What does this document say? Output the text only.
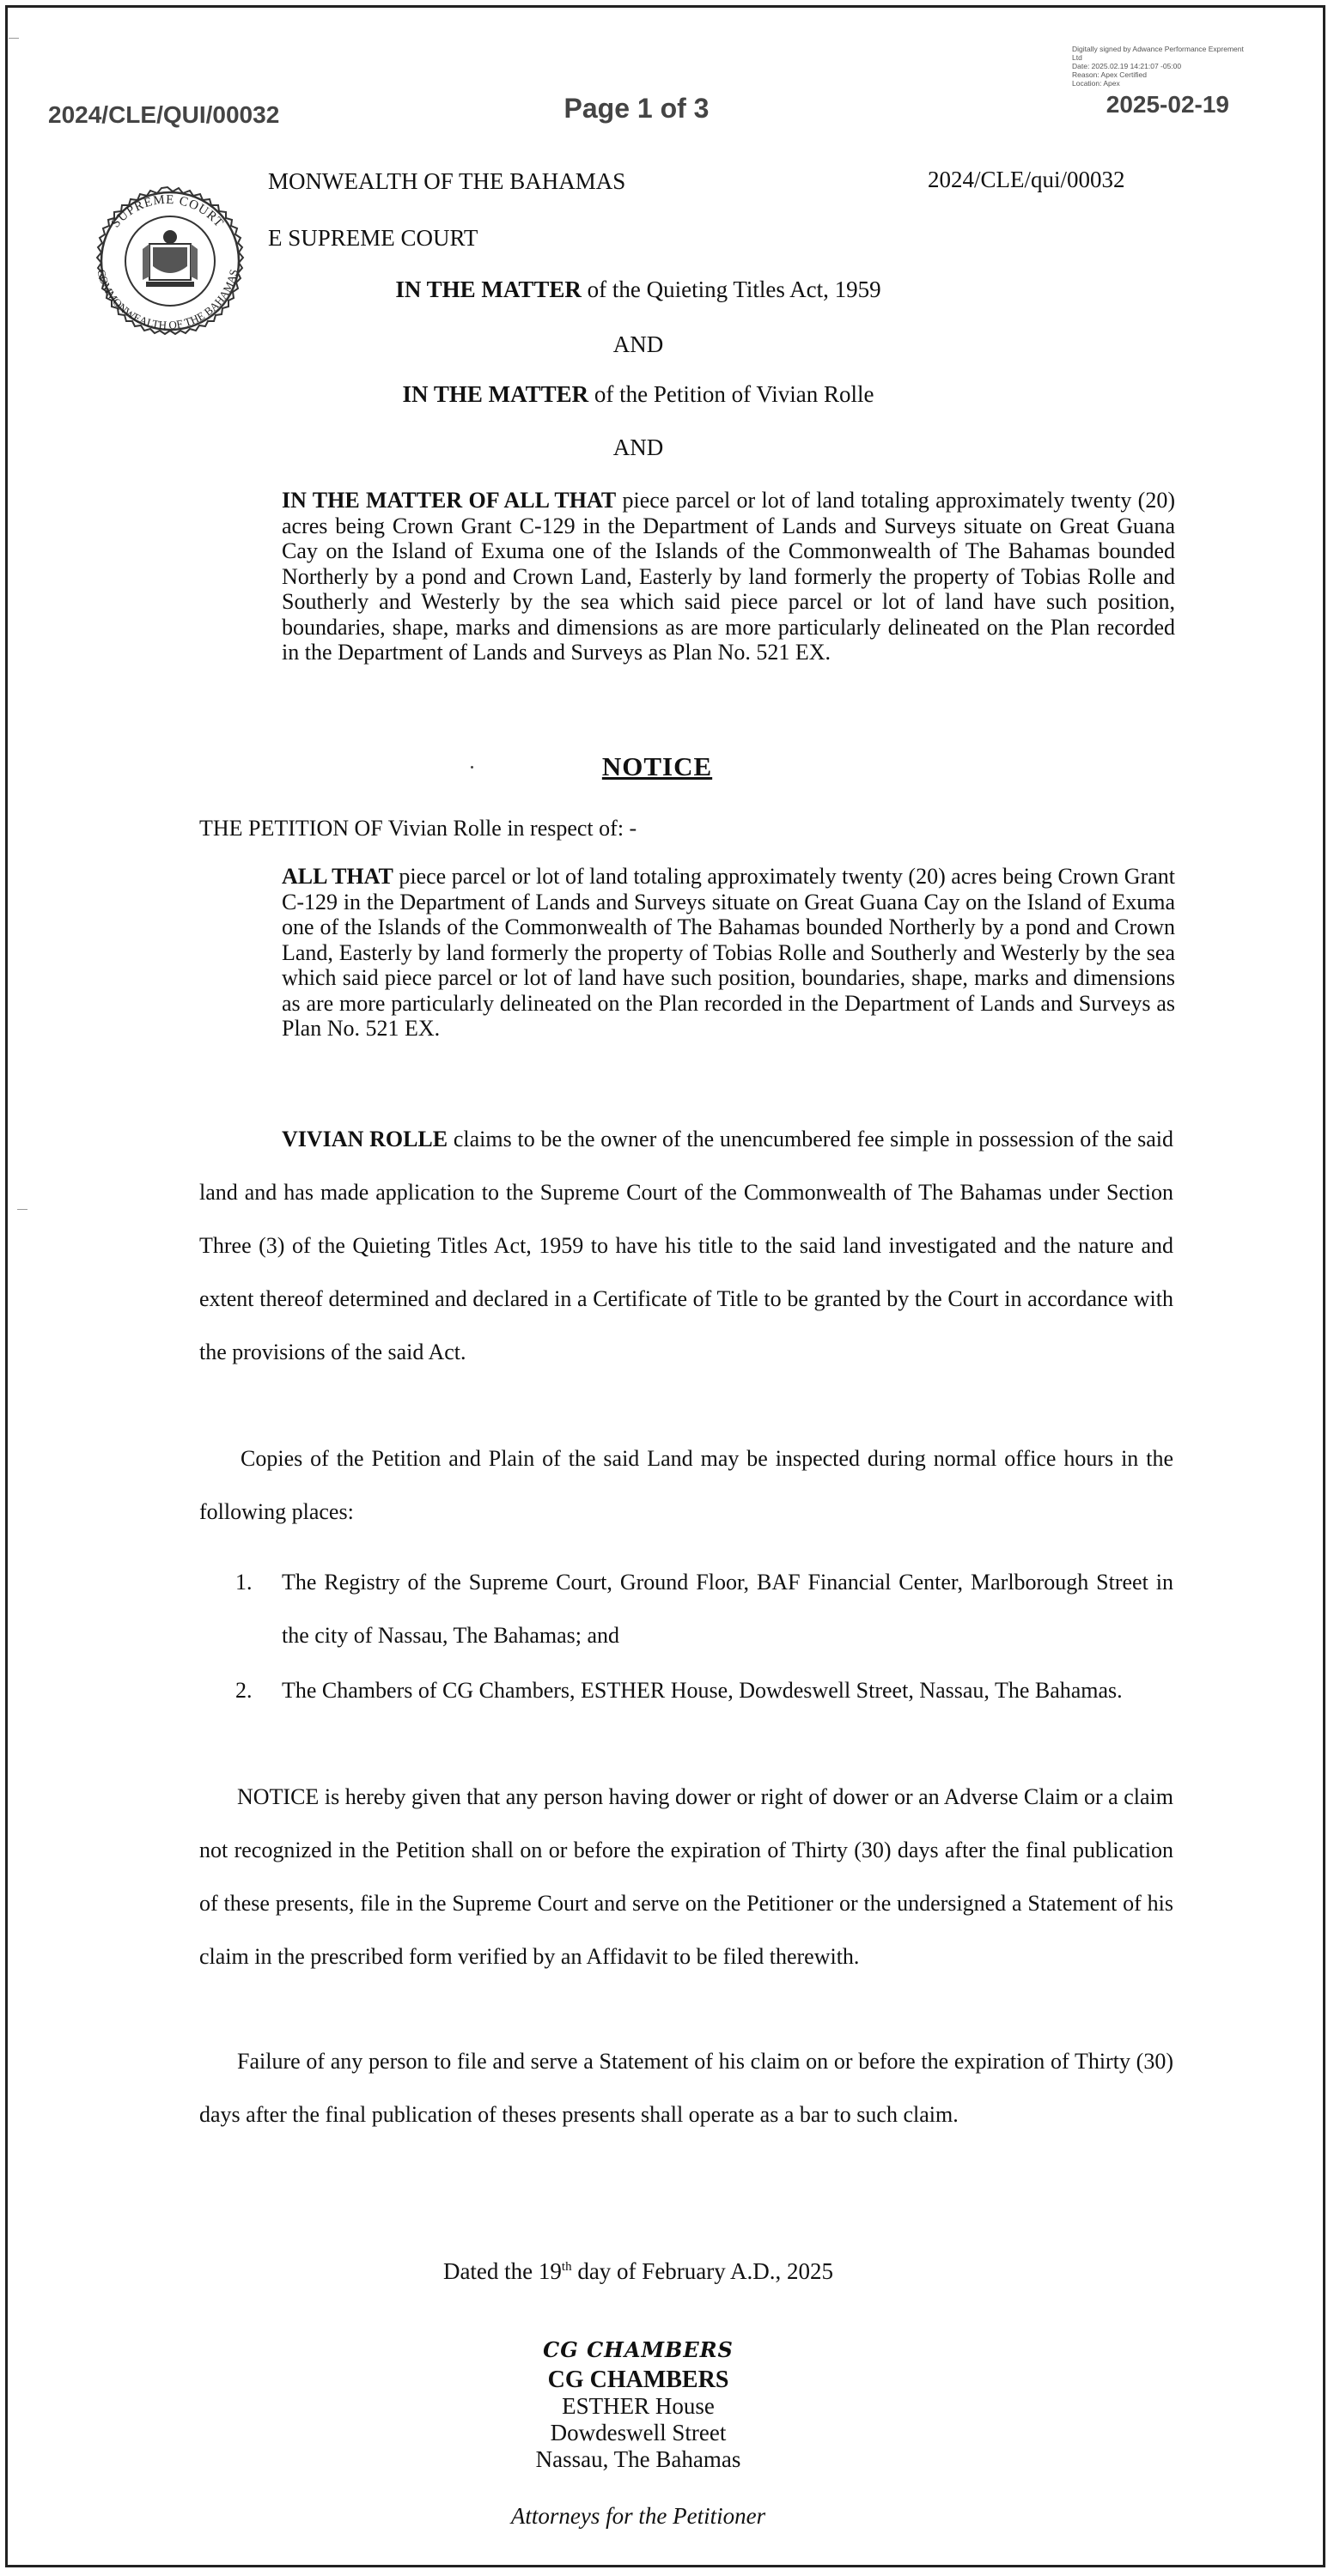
2024/CLE/QUI/00032	Page 1 of 3	2025-02-19
Digitally signed by Adwance Performance Exprement
Ltd
Date: 2025.02.19 14:21:07 -05:00
Reason: Apex Certified
Location: Apex
SUPREME COURT
COMMONWEALTH OF THE BAHAMAS
ΜONWEALTH OF THE BAHAMAS
E SUPREME COURT
2024/CLE/qui/00032
IN THE MATTER of the Quieting Titles Act, 1959
AND
IN THE MATTER of the Petition of Vivian Rolle
AND
IN THE MATTER OF ALL THAT piece parcel or lot of land totaling approximately twenty (20) acres being Crown Grant C-129 in the Department of Lands and Surveys situate on Great Guana Cay on the Island of Exuma one of the Islands of the Commonwealth of The Bahamas bounded Northerly by a pond and Crown Land, Easterly by land formerly the property of Tobias Rolle and Southerly and Westerly by the sea which said piece parcel or lot of land have such position, boundaries, shape, marks and dimensions as are more particularly delineated on the Plan recorded in the Department of Lands and Surveys as Plan No. 521 EX.
NOTICE
THE PETITION OF Vivian Rolle in respect of: -
ALL THAT piece parcel or lot of land totaling approximately twenty (20) acres being Crown Grant C-129 in the Department of Lands and Surveys situate on Great Guana Cay on the Island of Exuma one of the Islands of the Commonwealth of The Bahamas bounded Northerly by a pond and Crown Land, Easterly by land formerly the property of Tobias Rolle and Southerly and Westerly by the sea which said piece parcel or lot of land have such position, boundaries, shape, marks and dimensions as are more particularly delineated on the Plan recorded in the Department of Lands and Surveys as Plan No. 521 EX.
VIVIAN ROLLE claims to be the owner of the unencumbered fee simple in possession of the said land and has made application to the Supreme Court of the Commonwealth of The Bahamas under Section Three (3) of the Quieting Titles Act, 1959 to have his title to the said land investigated and the nature and extent thereof determined and declared in a Certificate of Title to be granted by the Court in accordance with the provisions of the said Act.
Copies of the Petition and Plain of the said Land may be inspected during normal office hours in the following places:
1.	The Registry of the Supreme Court, Ground Floor, BAF Financial Center, Marlborough Street in the city of Nassau, The Bahamas; and
2.	The Chambers of CG Chambers, ESTHER House, Dowdeswell Street, Nassau, The Bahamas.
NOTICE is hereby given that any person having dower or right of dower or an Adverse Claim or a claim not recognized in the Petition shall on or before the expiration of Thirty (30) days after the final publication of these presents, file in the Supreme Court and serve on the Petitioner or the undersigned a Statement of his claim in the prescribed form verified by an Affidavit to be filed therewith.
Failure of any person to file and serve a Statement of his claim on or before the expiration of Thirty (30) days after the final publication of theses presents shall operate as a bar to such claim.
Dated the 19th day of February A.D., 2025
CG CHAMBERS
CG CHAMBERS
ESTHER House
Dowdeswell Street
Nassau, The Bahamas
Attorneys for the Petitioner
